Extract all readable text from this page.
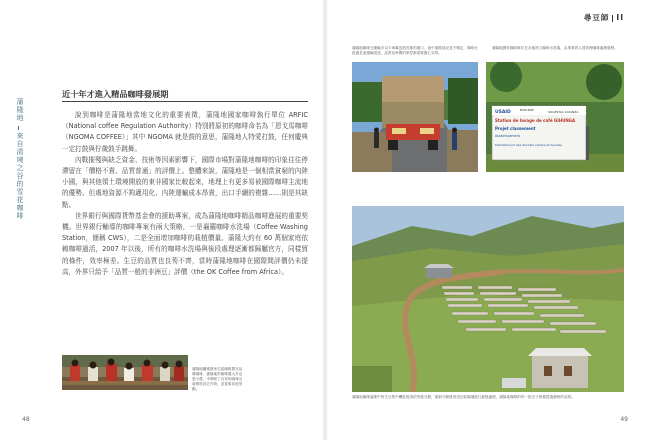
蒲隆地
來自清境之谷的雪花咖啡
近十年才進入精品咖啡發展期

說到咖啡是蒲隆地當地文化的重要表徵，蒲隆地國家咖啡執行單位 ARFIC（National coffee Regulation Authority）特別將原初的咖啡命名為「恩戈馬咖啡（NGOMA COFFEE）」其中 NGOMA 就是鼓的意思，蒲隆地人特愛打鼓，任何慶典一定打鼓與佇歲鼓手跳舞。

內戰摧殘與缺乏資金、技術等因素影響下，國際市場對蒲隆地咖啡的印象往往停滯留在「價格不貴、品質普通」的評價上。整體來說，蒲隆地是一個相當貧窮的內陸小國，與其他領土環境開放的東非國家比較起來，地理上有更多易被國際咖啡主流地的優勢。但處地資源不夠適用化、內陸運輸成本昂貴，出口手續的複雜……則是其缺點。

世界銀行與國際貨幣基金會的援助專案，成為蒲隆地咖啡精品咖啡進展的重要契機。世界銀行輔導的咖啡專案有兩大策略，一是襄羅咖啡水洗場（Coffee Washing Station，簡稱 CWS），二是全面增加咖啡的栽植價量。蒲隆大約有 60 萬個家庭依賴咖啡過活，2007 年以後，所有的咖啡水洗場與後段處理逐漸都歸屬官方，同樣貿的條件，效率極差。生豆的品質也良莠不齊，當時蒲隆地咖啡在國際間評價仍未提高，外界只給予「品質一般的非洲豆」評價（the OK Coffee from Africa）。

蒲隆地蘭雅斯里名氣咖啡農在品嚐咖啡，蒲隆地的咖啡農大多也是小農，平時除了自家的咖啡也會照料其它作物，並從事其他勞動。
48
尋豆師 II
蒲隆地咖啡豆運輸多以卡車載送到首都的港口，途中道路狀況並不穩定，咖啡豆經過長途運輸抵達，品質及時間的掌控都需要費心安排。
蒲隆地國家咖啡單位在各地設立咖啡水洗場，由專業的人員管理咖啡處理過程。
USAID	BURUNDI	SOGESTAL KAYANZA
Station de lavage de café GIHUNGA
Projet classement
Assainissement
Défraitement des déchets solides et liquides
蒲隆地咖啡處理中的生豆集中曬乾後再依等級分類，重新分類後再送往乾燥場進行最後處理，蒲隆地咖啡的每一批豆子都要經過嚴格的品管。
49
